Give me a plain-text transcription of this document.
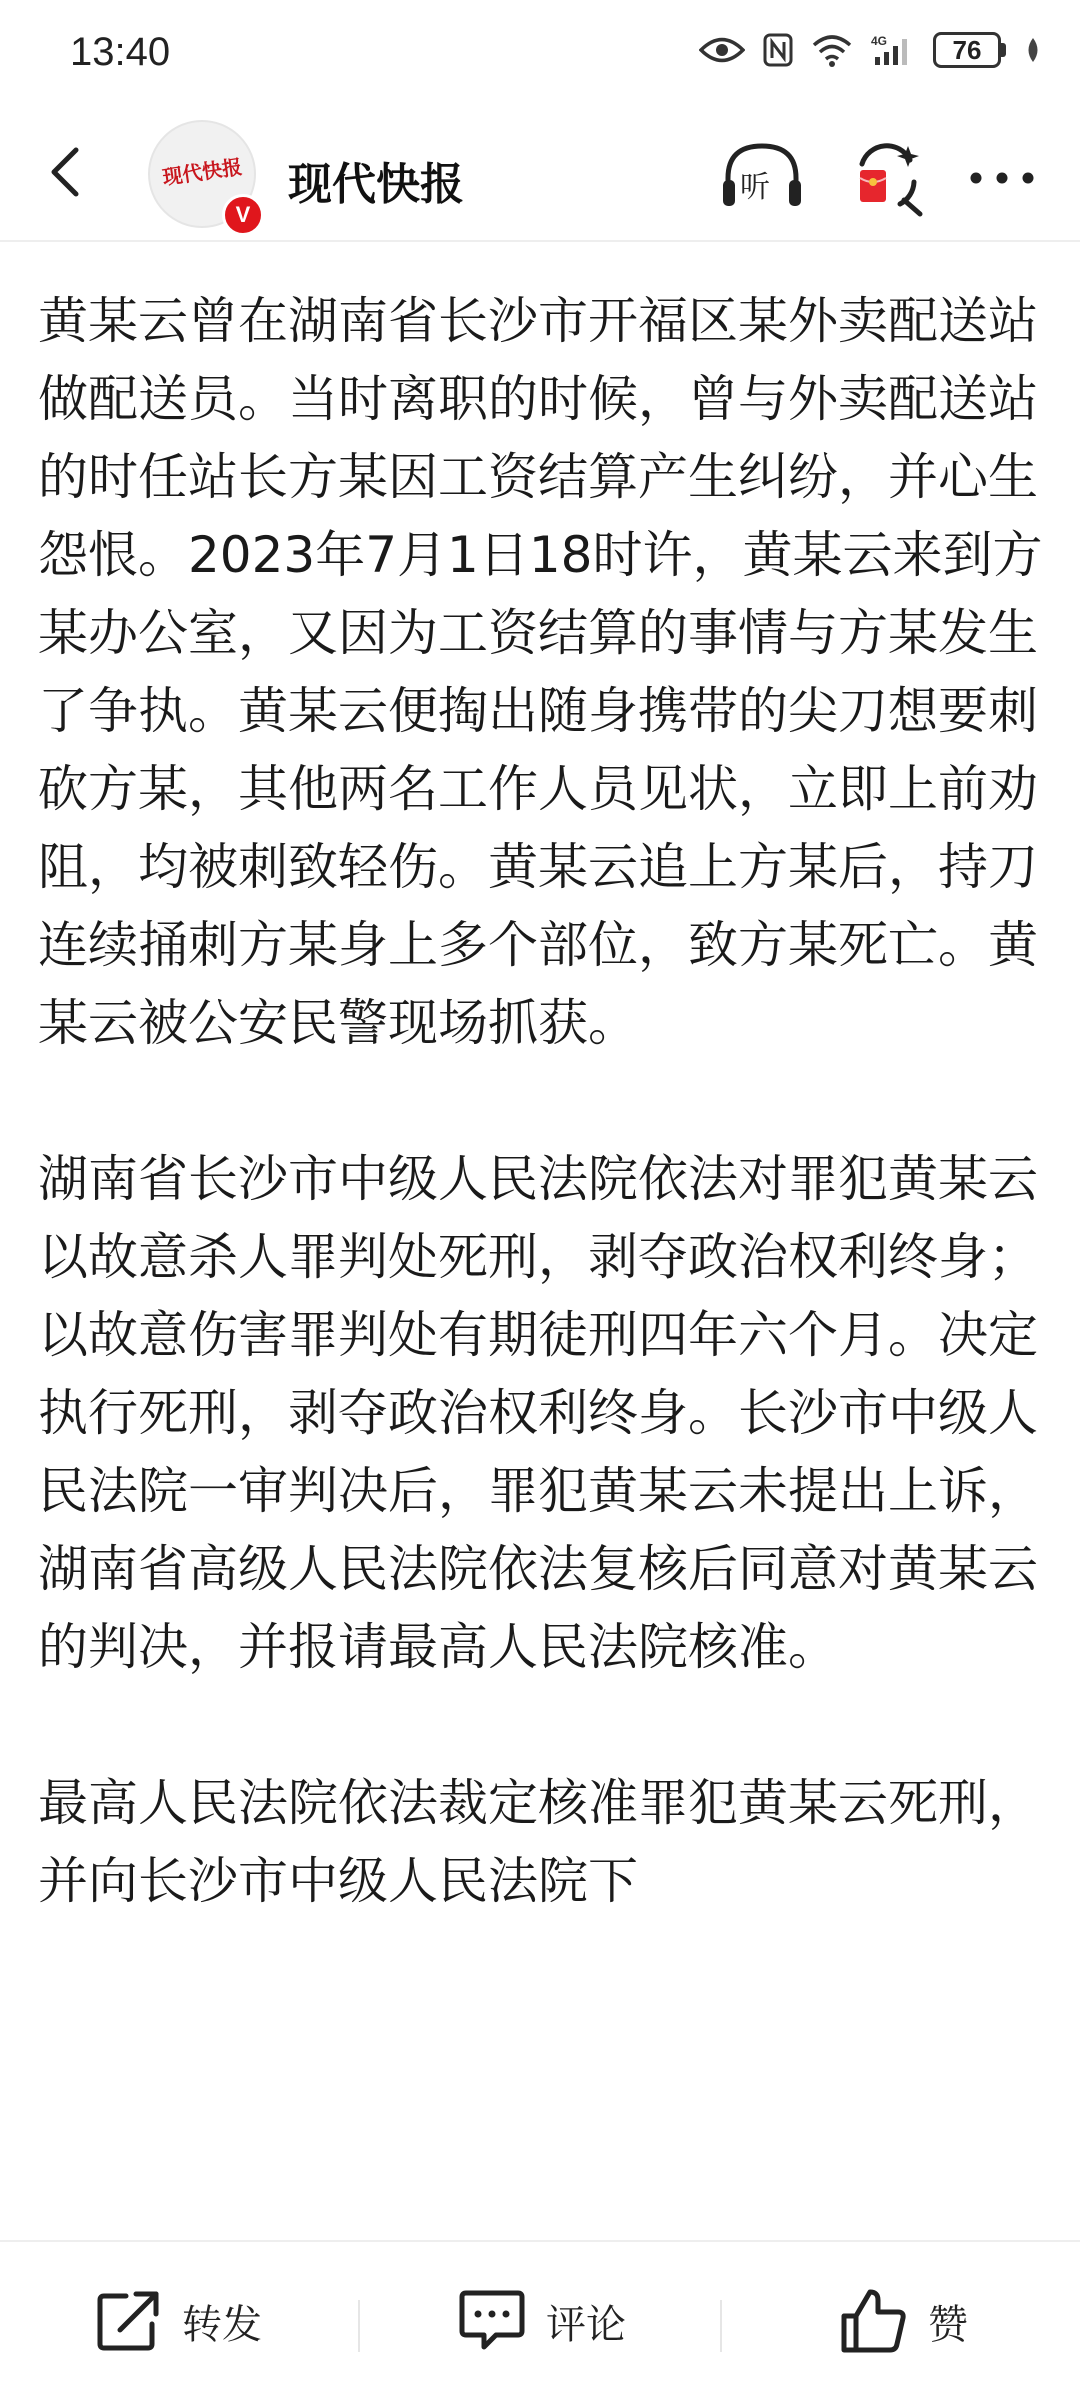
13:40	4G	76
现代快报
V
现代快报	听

黄某云曾在湖南省长沙市开福区某外卖配送站做配送员。当时离职的时候，曾与外卖配送站的时任站长方某因工资结算产生纠纷，并心生怨恨。2023年7月1日18时许，黄某云来到方某办公室，又因为工资结算的事情与方某发生了争执。黄某云便掏出随身携带的尖刀想要刺砍方某，其他两名工作人员见状，立即上前劝阻，均被刺致轻伤。黄某云追上方某后，持刀连续捅刺方某身上多个部位，致方某死亡。黄某云被公安民警现场抓获。

湖南省长沙市中级人民法院依法对罪犯黄某云以故意杀人罪判处死刑，剥夺政治权利终身；以故意伤害罪判处有期徒刑四年六个月。决定执行死刑，剥夺政治权利终身。长沙市中级人民法院一审判决后，罪犯黄某云未提出上诉，湖南省高级人民法院依法复核后同意对黄某云的判决，并报请最高人民法院核准。

最高人民法院依法裁定核准罪犯黄某云死刑，并向长沙市中级人民法院下

转发	评论	赞
